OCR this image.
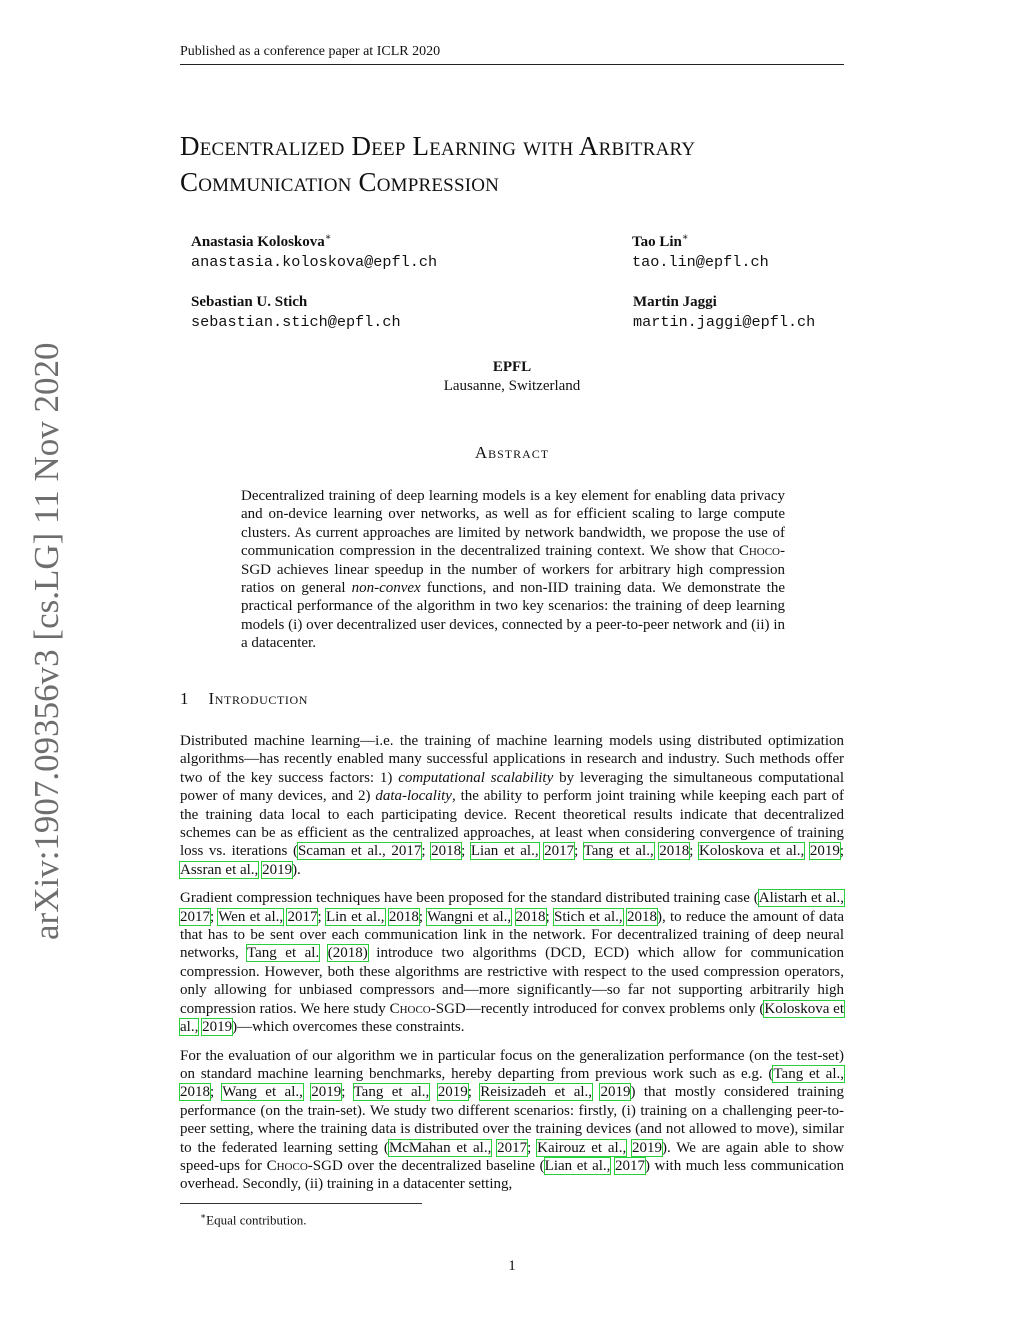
Published as a conference paper at ICLR 2020
arXiv:1907.09356v3 [cs.LG] 11 Nov 2020
Decentralized Deep Learning with Arbitrary
Communication Compression
Anastasia Koloskova∗
anastasia.koloskova@epfl.ch
Tao Lin∗
tao.lin@epfl.ch
Sebastian U. Stich
sebastian.stich@epfl.ch
Martin Jaggi
martin.jaggi@epfl.ch
EPFL
Lausanne, Switzerland
Abstract
Decentralized training of deep learning models is a key element for enabling data privacy and on-device learning over networks, as well as for efficient scaling to large compute clusters. As current approaches are limited by network bandwidth, we propose the use of communication compression in the decentralized training context. We show that Choco-SGD achieves linear speedup in the number of workers for arbitrary high compression ratios on general non-convex functions, and non-IID training data. We demonstrate the practical performance of the algorithm in two key scenarios: the training of deep learning models (i) over decentralized user devices, connected by a peer-to-peer network and (ii) in a datacenter.
1 Introduction

Distributed machine learning—i.e. the training of machine learning models using distributed optimization algorithms—has recently enabled many successful applications in research and industry. Such methods offer two of the key success factors: 1) computational scalability by leveraging the simultaneous computational power of many devices, and 2) data-locality, the ability to perform joint training while keeping each part of the training data local to each participating device. Recent theoretical results indicate that decentralized schemes can be as efficient as the centralized approaches, at least when considering convergence of training loss vs. iterations (Scaman et al., 2017; 2018; Lian et al., 2017; Tang et al., 2018; Koloskova et al., 2019; Assran et al., 2019).

Gradient compression techniques have been proposed for the standard distributed training case (Alistarh et al., 2017; Wen et al., 2017; Lin et al., 2018; Wangni et al., 2018; Stich et al., 2018), to reduce the amount of data that has to be sent over each communication link in the network. For decentralized training of deep neural networks, Tang et al. (2018) introduce two algorithms (DCD, ECD) which allow for communication compression. However, both these algorithms are restrictive with respect to the used compression operators, only allowing for unbiased compressors and—more significantly—so far not supporting arbitrarily high compression ratios. We here study Choco-SGD—recently introduced for convex problems only (Koloskova et al., 2019)—which overcomes these constraints.

For the evaluation of our algorithm we in particular focus on the generalization performance (on the test-set) on standard machine learning benchmarks, hereby departing from previous work such as e.g. (Tang et al., 2018; Wang et al., 2019; Tang et al., 2019; Reisizadeh et al., 2019) that mostly considered training performance (on the train-set). We study two different scenarios: firstly, (i) training on a challenging peer-to-peer setting, where the training data is distributed over the training devices (and not allowed to move), similar to the federated learning setting (McMahan et al., 2017; Kairouz et al., 2019). We are again able to show speed-ups for Choco-SGD over the decentralized baseline (Lian et al., 2017) with much less communication overhead. Secondly, (ii) training in a datacenter setting,

∗Equal contribution.
1
